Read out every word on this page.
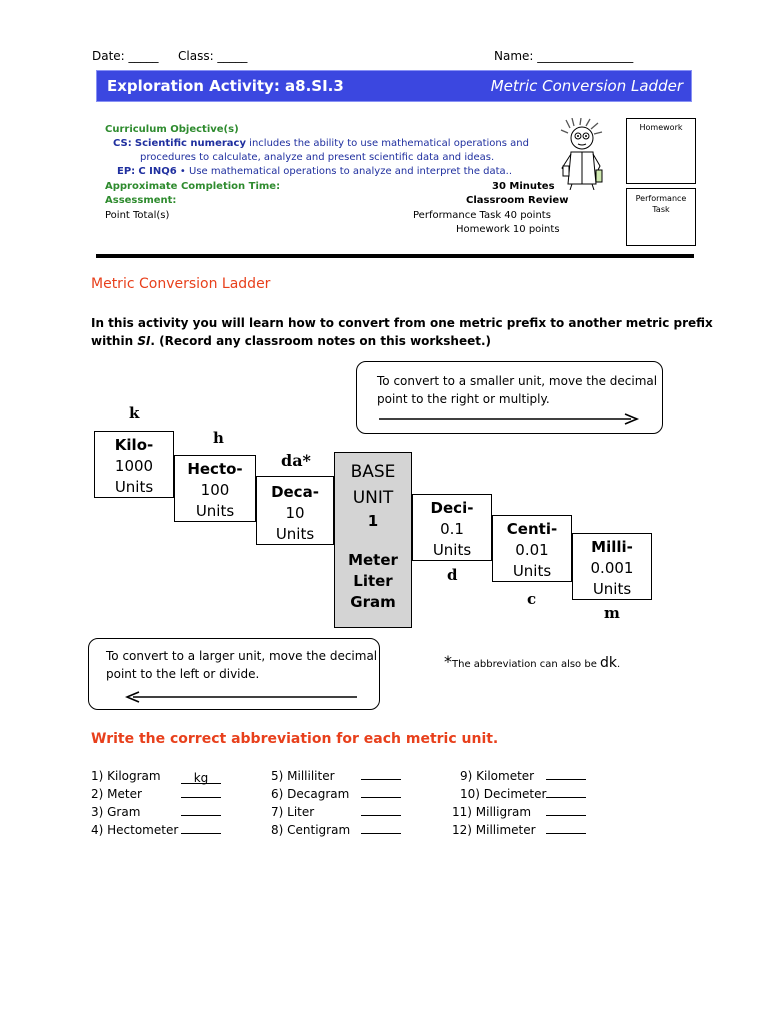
Date: _____ Class: _____	Name: ________________
Exploration Activity: a8.SI.3	Metric Conversion Ladder
Curriculum Objective(s)
CS: Scientific numeracy includes the ability to use mathematical operations and
procedures to calculate, analyze and present scientific data and ideas.
EP: C INQ6 • Use mathematical operations to analyze and interpret the data..
Approximate Completion Time:	30 Minutes
Assessment:	Classroom Review
Point Total(s)	Performance Task 40 points
Homework 10 points
Homework
Performance Task
Metric Conversion Ladder
In this activity you will learn how to convert from one metric prefix to another metric prefix
within SI. (Record any classroom notes on this worksheet.)
To convert to a smaller unit, move the decimal
point to the right or multiply.
k
Kilo-
1000
Units
h
Hecto-
100
Units
da*
Deca-
10
Units
BASE
UNIT
1
Meter
Liter
Gram
Deci-
0.1
Units
d
Centi-
0.01
Units
c
Milli-
0.001
Units
m
To convert to a larger unit, move the decimal
point to the left or divide.
*The abbreviation can also be dk.
Write the correct abbreviation for each metric unit.
1) Kilogram	kg
2) Meter
3) Gram
4) Hectometer
5) Milliliter
6) Decagram
7) Liter
8) Centigram
9) Kilometer
10) Decimeter
11) Milligram
12) Millimeter
